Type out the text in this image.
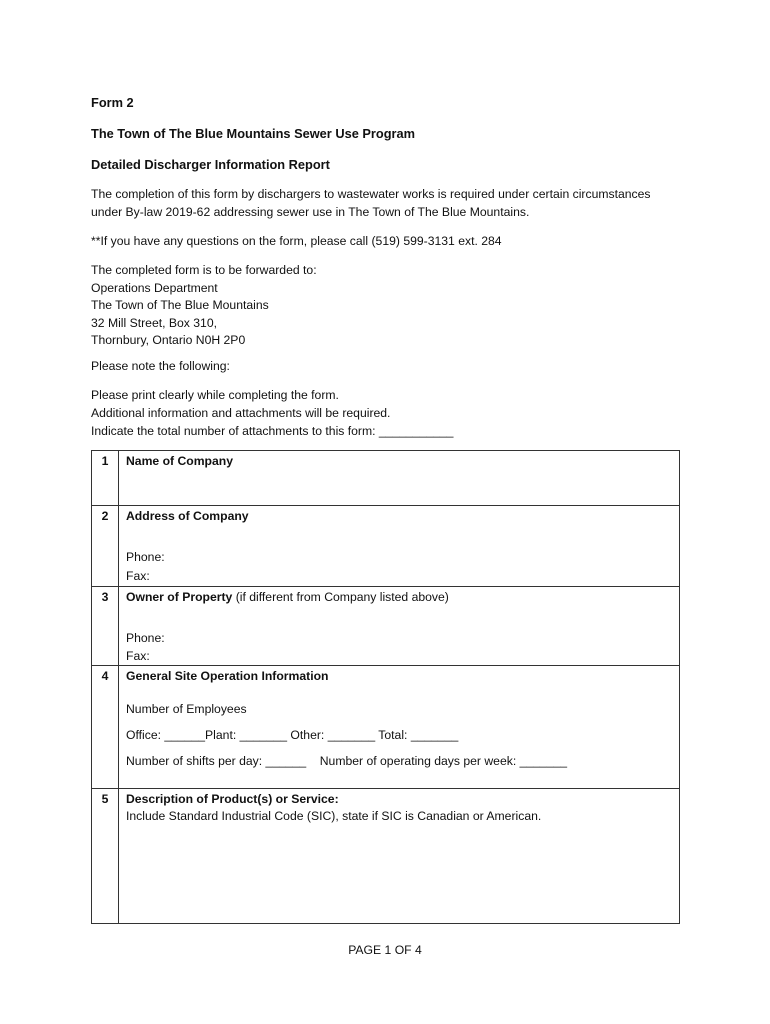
Form 2
The Town of The Blue Mountains Sewer Use Program
Detailed Discharger Information Report
The completion of this form by dischargers to wastewater works is required under certain circumstances
under By-law 2019-62 addressing sewer use in The Town of The Blue Mountains.
**If you have any questions on the form, please call (519) 599-3131 ext. 284
The completed form is to be forwarded to:
Operations Department
The Town of The Blue Mountains
32 Mill Street, Box 310,
Thornbury, Ontario N0H 2P0
Please note the following:
Please print clearly while completing the form.
Additional information and attachments will be required.
Indicate the total number of attachments to this form: ___________
1	Name of Company

2	Address of Company
Phone:
Fax:

3	Owner of Property (if different from Company listed above)
Phone:
Fax:

4	General Site Operation Information
Number of Employees
Office: ______Plant: _______ Other: _______ Total: _______
Number of shifts per day: ______    Number of operating days per week: _______

5	Description of Product(s) or Service:
Include Standard Industrial Code (SIC), state if SIC is Canadian or American.
PAGE 1 OF 4
